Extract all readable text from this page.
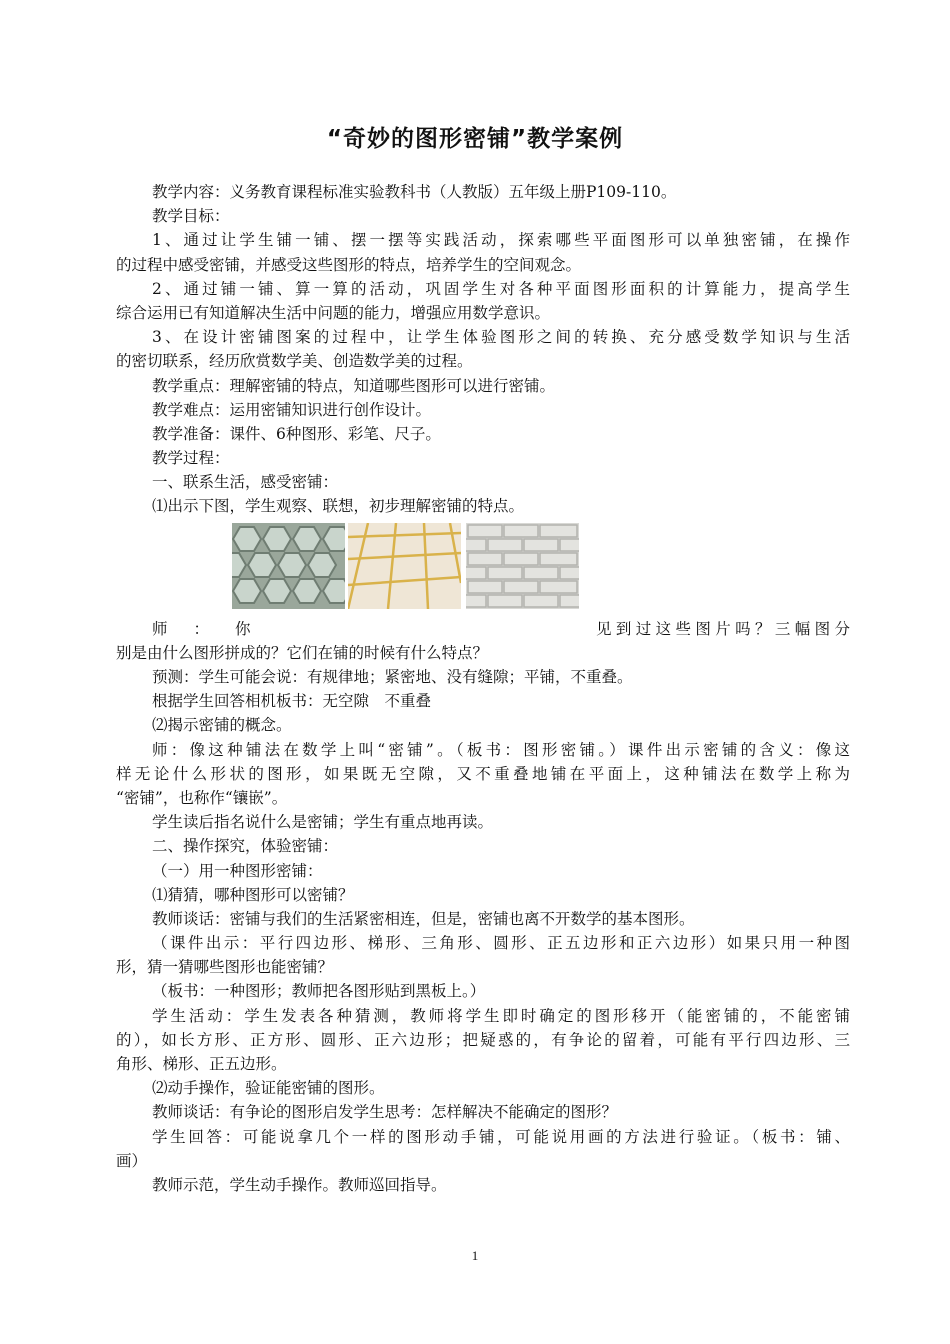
“奇妙的图形密铺”教学案例
教学内容：义务教育课程标准实验教科书（人教版）五年级上册P109-110。
教学目标：
1、通过让学生铺一铺、摆一摆等实践活动，探索哪些平面图形可以单独密铺，在操作
的过程中感受密铺，并感受这些图形的特点，培养学生的空间观念。
2、通过铺一铺、算一算的活动，巩固学生对各种平面图形面积的计算能力，提高学生
综合运用已有知道解决生活中问题的能力，增强应用数学意识。
3、在设计密铺图案的过程中，让学生体验图形之间的转换、充分感受数学知识与生活
的密切联系，经历欣赏数学美、创造数学美的过程。
教学重点：理解密铺的特点，知道哪些图形可以进行密铺。
教学难点：运用密铺知识进行创作设计。
教学准备：课件、6种图形、彩笔、尺子。
教学过程：
一、联系生活，感受密铺：
⑴出示下图，学生观察、联想，初步理解密铺的特点。
师 ： 你	见到过这些图片吗？三幅图分
别是由什么图形拼成的？它们在铺的时候有什么特点？
预测：学生可能会说：有规律地；紧密地、没有缝隙；平铺，不重叠。
根据学生回答相机板书：无空隙　不重叠
⑵揭示密铺的概念。
师：像这种铺法在数学上叫“密铺”。（板书：图形密铺。）课件出示密铺的含义：像这
样无论什么形状的图形，如果既无空隙，又不重叠地铺在平面上，这种铺法在数学上称为
“密铺”，也称作“镶嵌”。
学生读后指名说什么是密铺；学生有重点地再读。
二、操作探究，体验密铺：
（一）用一种图形密铺：
⑴猜猜，哪种图形可以密铺？
教师谈话：密铺与我们的生活紧密相连，但是，密铺也离不开数学的基本图形。
（课件出示：平行四边形、梯形、三角形、圆形、正五边形和正六边形）如果只用一种图
形，猜一猜哪些图形也能密铺？
（板书：一种图形；教师把各图形贴到黑板上。）
学生活动：学生发表各种猜测，教师将学生即时确定的图形移开（能密铺的，不能密铺
的），如长方形、正方形、圆形、正六边形；把疑惑的，有争论的留着，可能有平行四边形、三
角形、梯形、正五边形。
⑵动手操作，验证能密铺的图形。
教师谈话：有争论的图形启发学生思考：怎样解决不能确定的图形？
学生回答：可能说拿几个一样的图形动手铺，可能说用画的方法进行验证。（板书：铺、
画）
教师示范，学生动手操作。教师巡回指导。
1
